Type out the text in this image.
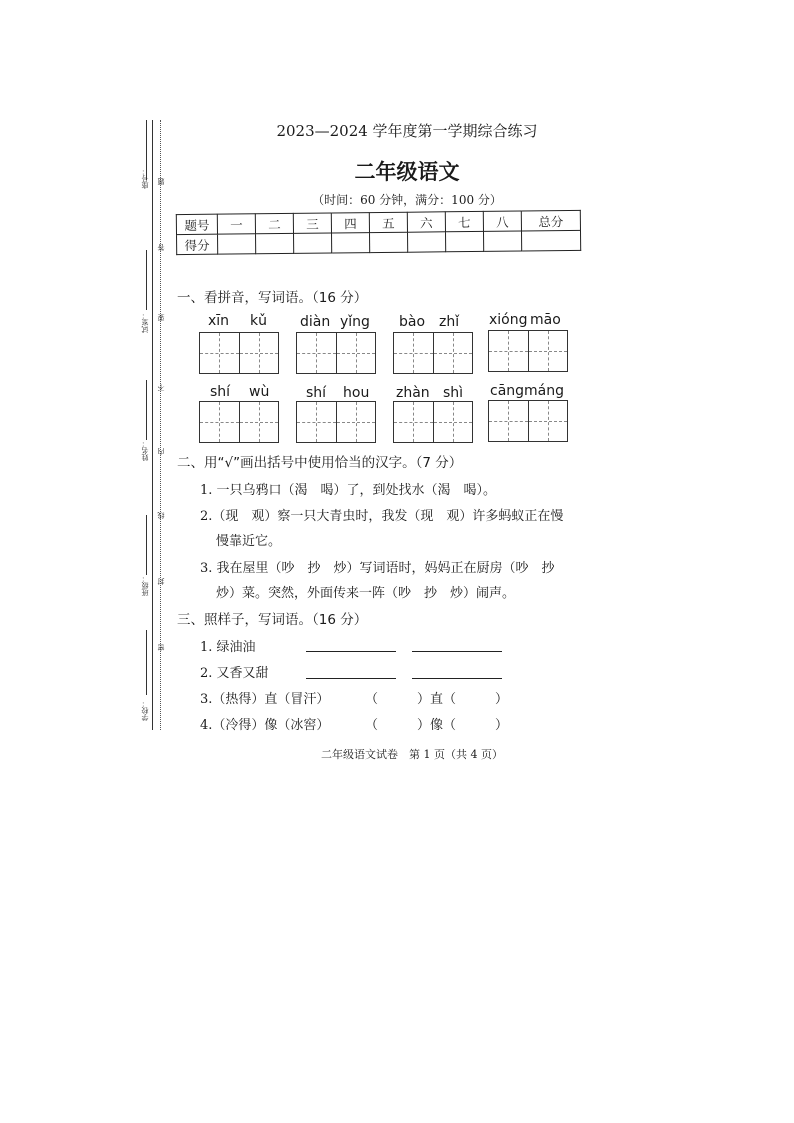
座号：
试室：
姓名：
班级：
学校：
题
答
要
不
内
线
封
密
2023—2024 学年度第一学期综合练习
二年级语文
（时间：60 分钟，满分：100 分）
题号	一	二	三	四	五	六	七	八	总分
得分									
一、看拼音，写词语。（16 分）
xīn kǔ diàn yǐng bào zhǐ xióng māo
shí wù	shí hou zhàn shì cāng máng
二、用“√”画出括号中使用恰当的汉字。（7 分）
1. 一只乌鸦口（渴　喝）了，到处找水（渴　喝）。
2.（现　观）察一只大青虫时，我发（现　观）许多蚂蚁正在慢
慢靠近它。
3. 我在屋里（吵　抄　炒）写词语时，妈妈正在厨房（吵　抄
炒）菜。突然，外面传来一阵（吵　抄　炒）闹声。
三、照样子，写词语。（16 分）
1. 绿油油
2. 又香又甜
3.（热得）直（冒汗）	（　　　）直（　　　）
4.（冷得）像（冰窖）	（　　　）像（　　　）
二年级语文试卷　第 1 页（共 4 页）
